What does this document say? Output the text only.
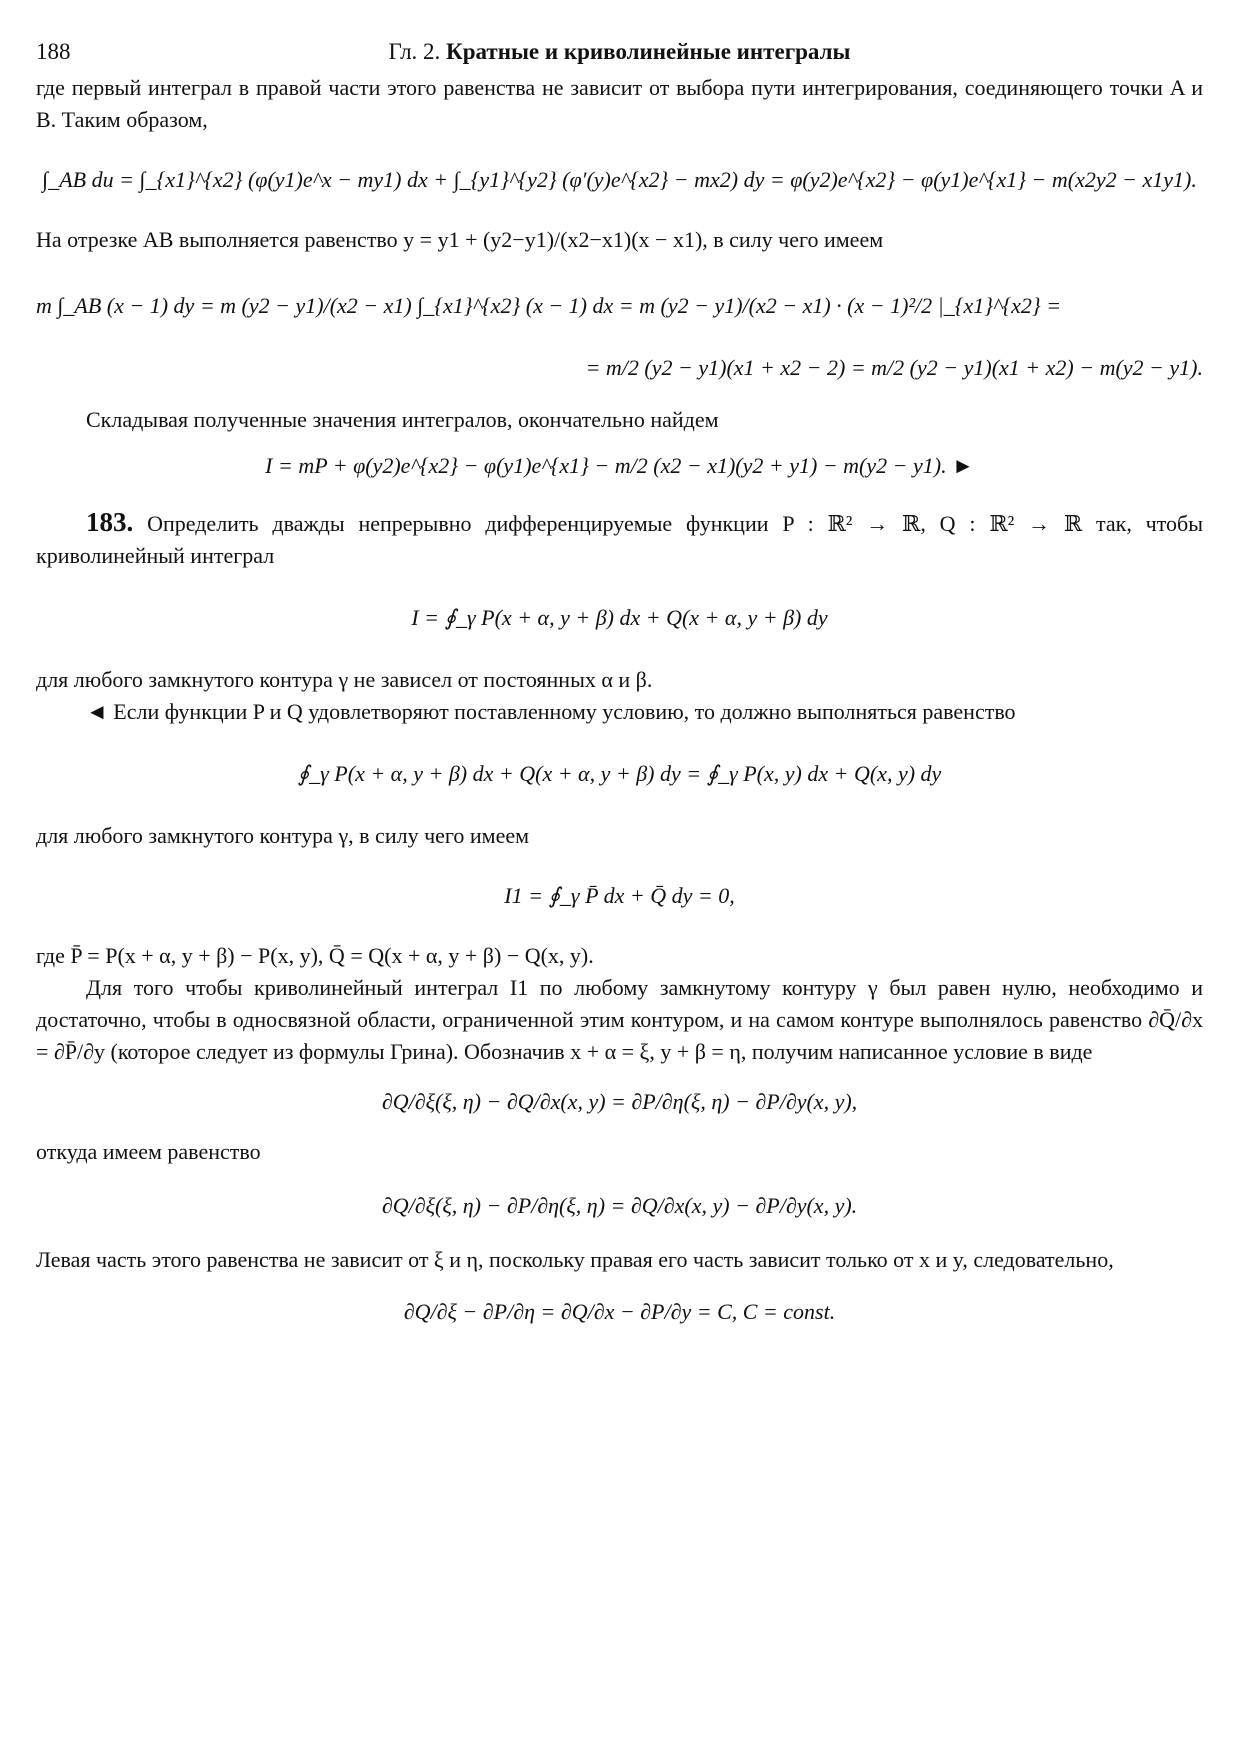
188	Гл. 2. Кратные и криволинейные интегралы

где первый интеграл в правой части этого равенства не зависит от выбора пути интегрирования, соединяющего точки A и B. Таким образом,

∫_AB du = ∫_{x1}^{x2} (φ(y1)e^x − my1) dx + ∫_{y1}^{y2} (φ′(y)e^{x2} − mx2) dy = φ(y2)e^{x2} − φ(y1)e^{x1} − m(x2y2 − x1y1).

На отрезке AB выполняется равенство y = y1 + (y2−y1)/(x2−x1)(x − x1), в силу чего имеем

m ∫_AB (x − 1) dy = m (y2 − y1)/(x2 − x1) ∫_{x1}^{x2} (x − 1) dx = m (y2 − y1)/(x2 − x1) · (x − 1)²/2 |_{x1}^{x2} =
= m/2 (y2 − y1)(x1 + x2 − 2) = m/2 (y2 − y1)(x1 + x2) − m(y2 − y1).

Складывая полученные значения интегралов, окончательно найдем

I = mP + φ(y2)e^{x2} − φ(y1)e^{x1} − m/2 (x2 − x1)(y2 + y1) − m(y2 − y1). ►

183. Определить дважды непрерывно дифференцируемые функции P : ℝ² → ℝ, Q : ℝ² → ℝ так, чтобы криволинейный интеграл

I = ∮_γ P(x + α, y + β) dx + Q(x + α, y + β) dy

для любого замкнутого контура γ не зависел от постоянных α и β.

◄ Если функции P и Q удовлетворяют поставленному условию, то должно выполняться равенство

∮_γ P(x + α, y + β) dx + Q(x + α, y + β) dy = ∮_γ P(x, y) dx + Q(x, y) dy

для любого замкнутого контура γ, в силу чего имеем

I1 = ∮_γ P̄ dx + Q̄ dy = 0,

где P̄ = P(x + α, y + β) − P(x, y), Q̄ = Q(x + α, y + β) − Q(x, y).

Для того чтобы криволинейный интеграл I1 по любому замкнутому контуру γ был равен нулю, необходимо и достаточно, чтобы в односвязной области, ограниченной этим контуром, и на самом контуре выполнялось равенство ∂Q̄/∂x = ∂P̄/∂y (которое следует из формулы Грина). Обозначив x + α = ξ, y + β = η, получим написанное условие в виде

∂Q/∂ξ(ξ, η) − ∂Q/∂x(x, y) = ∂P/∂η(ξ, η) − ∂P/∂y(x, y),

откуда имеем равенство

∂Q/∂ξ(ξ, η) − ∂P/∂η(ξ, η) = ∂Q/∂x(x, y) − ∂P/∂y(x, y).

Левая часть этого равенства не зависит от ξ и η, поскольку правая его часть зависит только от x и y, следовательно,

∂Q/∂ξ − ∂P/∂η = ∂Q/∂x − ∂P/∂y = C, C = const.
